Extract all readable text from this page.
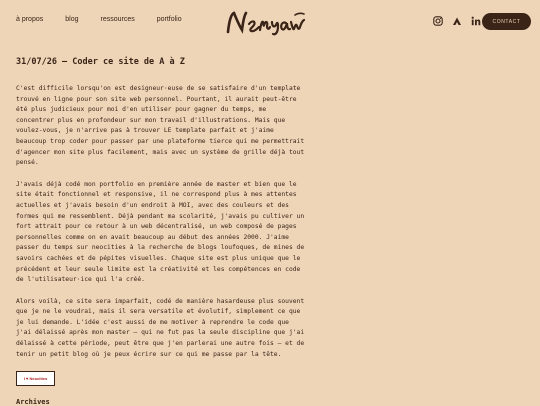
à propos	blog	ressources	portfolio	CONTACT
31/07/26 — Coder ce site de A à Z

C'est difficile lorsqu'on est designeur·euse de se satisfaire d'un template
trouvé en ligne pour son site web personnel. Pourtant, il aurait peut-être
été plus judicieux pour moi d'en utiliser pour gagner du temps, me
concentrer plus en profondeur sur mon travail d'illustrations. Mais que
voulez-vous, je n'arrive pas à trouver LE template parfait et j'aime
beaucoup trop coder pour passer par une plateforme tierce qui me permettrait
d'agencer mon site plus facilement, mais avec un système de grille déjà tout
pensé.

J'avais déjà codé mon portfolio en première année de master et bien que le
site était fonctionnel et responsive, il ne correspond plus à mes attentes
actuelles et j'avais besoin d'un endroit à MOI, avec des couleurs et des
formes qui me ressemblent. Déjà pendant ma scolarité, j'avais pu cultiver un
fort attrait pour ce retour à un web décentralisé, un web composé de pages
personnelles comme on en avait beaucoup au début des années 2000. J'aime
passer du temps sur neocities à la recherche de blogs loufoques, de mines de
savoirs cachées et de pépites visuelles. Chaque site est plus unique que le
précédent et leur seule limite est la créativité et les compétences en code
de l'utilisateur·ice qui l'a créé.

Alors voilà, ce site sera imparfait, codé de manière hasardeuse plus souvent
que je ne le voudrai, mais il sera versatile et évolutif, simplement ce que
je lui demande. L'idée c'est aussi de me motiver à reprendre le code que
j'ai délaissé après mon master — qui ne fut pas la seule discipline que j'ai
délaissé à cette période, peut être que j'en parlerai une autre fois — et de
tenir un petit blog où je peux écrire sur ce qui me passe par la tête.

I ♥ Neocities
Archives
